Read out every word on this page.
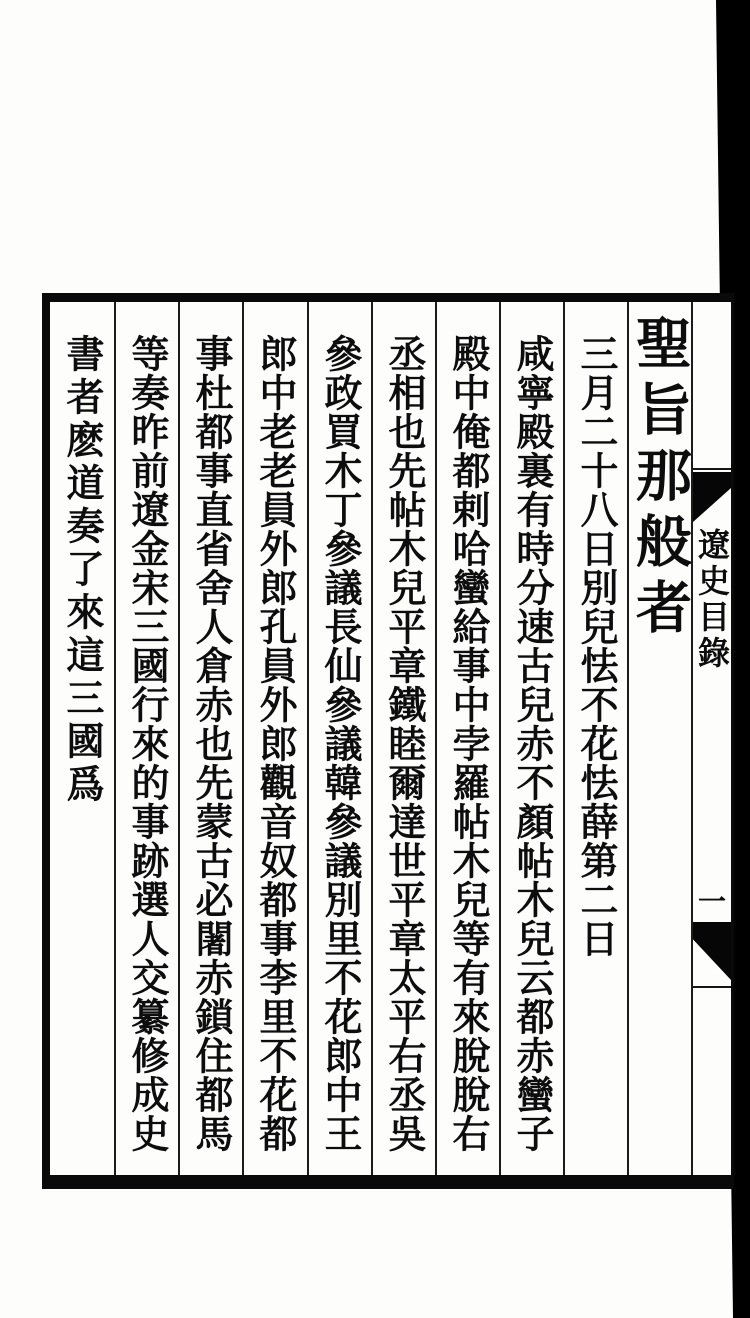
聖旨那般者
三月二十八日別兒怯不花怯薛第二日
咸寧殿裏有時分速古兒赤不顏帖木兒云都赤蠻子
殿中俺都剌哈蠻給事中孛羅帖木兒等有來脫脫右
丞相也先帖木兒平章鐵睦爾達世平章太平右丞吳
參政買木丁參議長仙參議韓參議別里不花郎中王
郎中老老員外郎孔員外郎觀音奴都事李里不花都
事杜都事直省舍人倉赤也先蒙古必闍赤鎖住都馬
等奏昨前遼金宋三國行來的事跡選人交纂修成史
書者麽道奏了來這三國爲	遼史目錄
一
